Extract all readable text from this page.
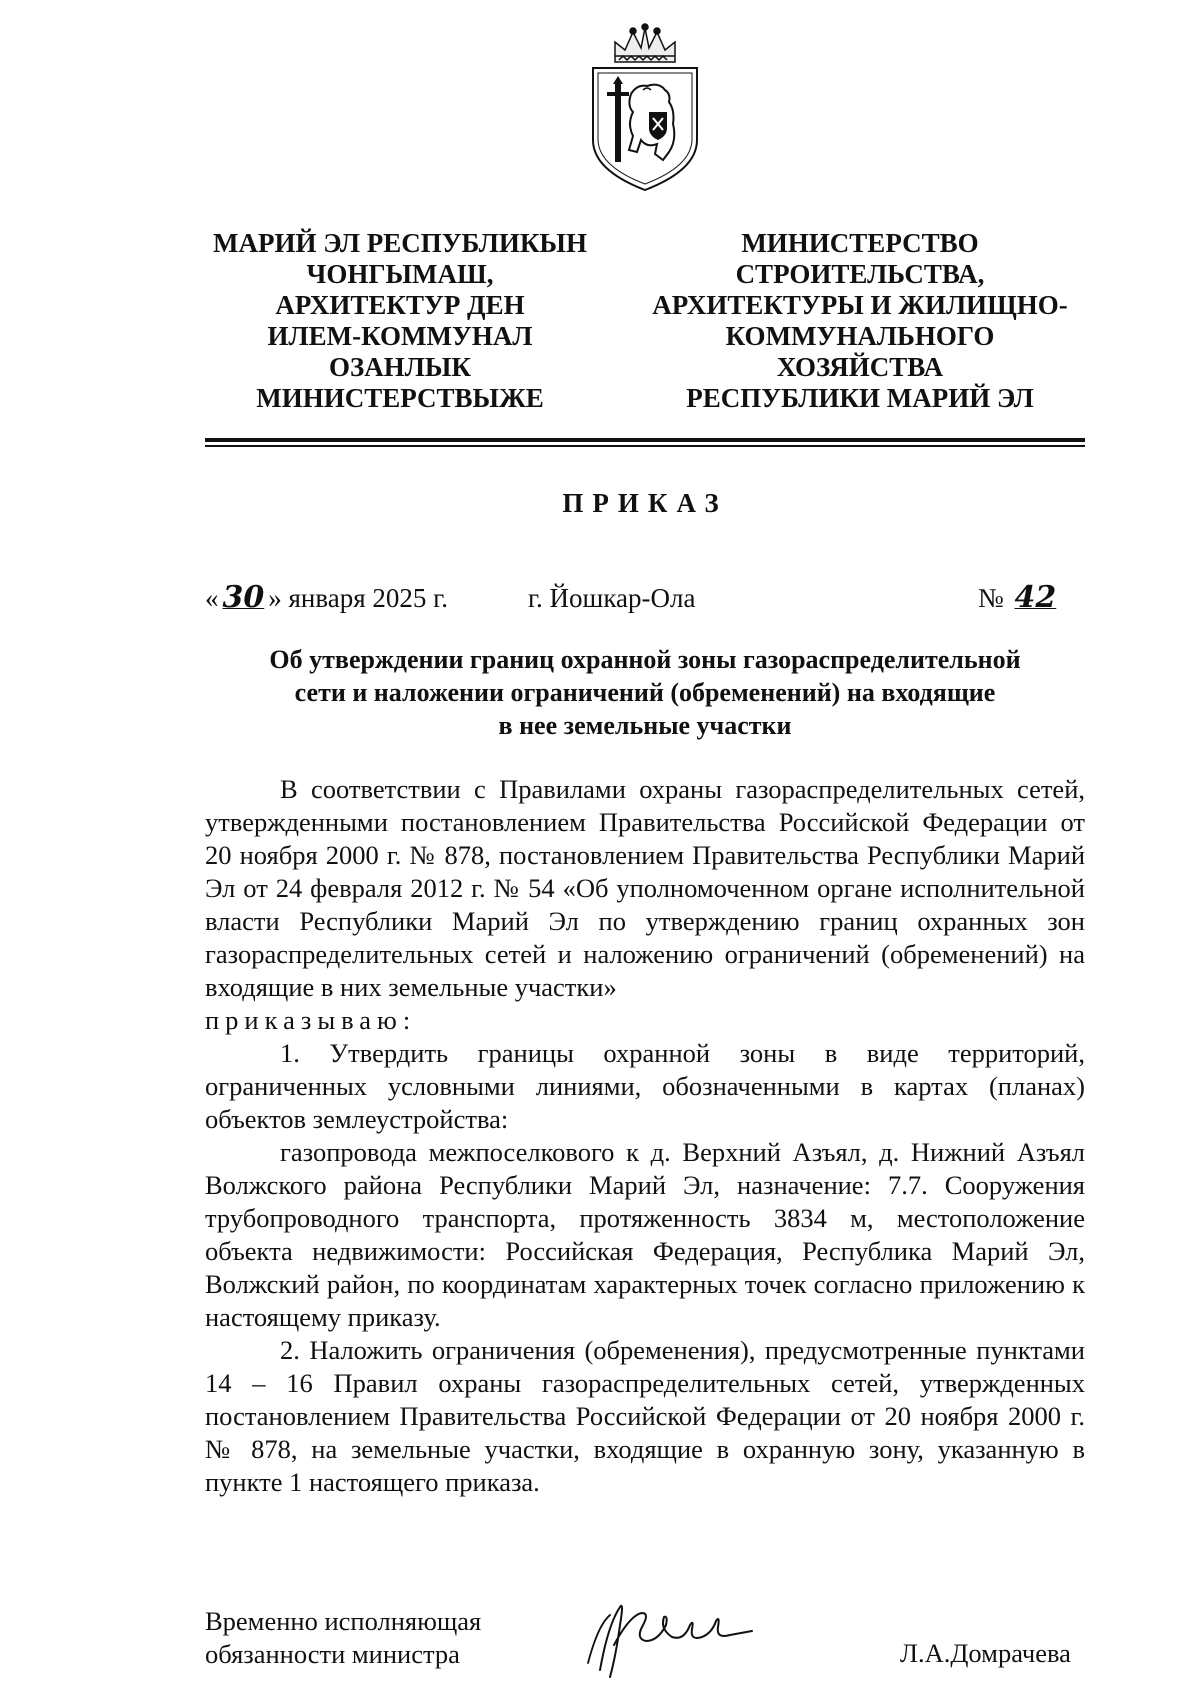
МАРИЙ ЭЛ РЕСПУБЛИКЫН
ЧОНГЫМАШ,
АРХИТЕКТУР ДЕН
ИЛЕМ-КОММУНАЛ
ОЗАНЛЫК
МИНИСТЕРСТВЫЖЕ
МИНИСТЕРСТВО
СТРОИТЕЛЬСТВА,
АРХИТЕКТУРЫ И ЖИЛИЩНО-
КОММУНАЛЬНОГО
ХОЗЯЙСТВА
РЕСПУБЛИКИ МАРИЙ ЭЛ
ПРИКАЗ
« 30 » января 2025 г.	г. Йошкар-Ола	№ 42
Об утверждении границ охранной зоны газораспределительной
сети и наложении ограничений (обременений) на входящие
в нее земельные участки

В соответствии с Правилами охраны газораспределительных сетей, утвержденными постановлением Правительства Российской Федерации от 20 ноября 2000 г. № 878, постановлением Правительства Республики Марий Эл от 24 февраля 2012 г. № 54 «Об уполномоченном органе исполнительной власти Республики Марий Эл по утверждению границ охранных зон газораспределительных сетей и наложению ограничений (обременений) на входящие в них земельные участки»

приказываю:

1. Утвердить границы охранной зоны в виде территорий, ограниченных условными линиями, обозначенными в картах (планах) объектов землеустройства:

газопровода межпоселкового к д. Верхний Азъял, д. Нижний Азъял Волжского района Республики Марий Эл, назначение: 7.7. Сооружения трубопроводного транспорта, протяженность 3834 м, местоположение объекта недвижимости: Российская Федерация, Республика Марий Эл, Волжский район, по координатам характерных точек согласно приложению к настоящему приказу.

2. Наложить ограничения (обременения), предусмотренные пунктами 14 – 16 Правил охраны газораспределительных сетей, утвержденных постановлением Правительства Российской Федерации от 20 ноября 2000 г. № 878, на земельные участки, входящие в охранную зону, указанную в пункте 1 настоящего приказа.

Временно исполняющая
обязанности министра	Л.А.Домрачева
